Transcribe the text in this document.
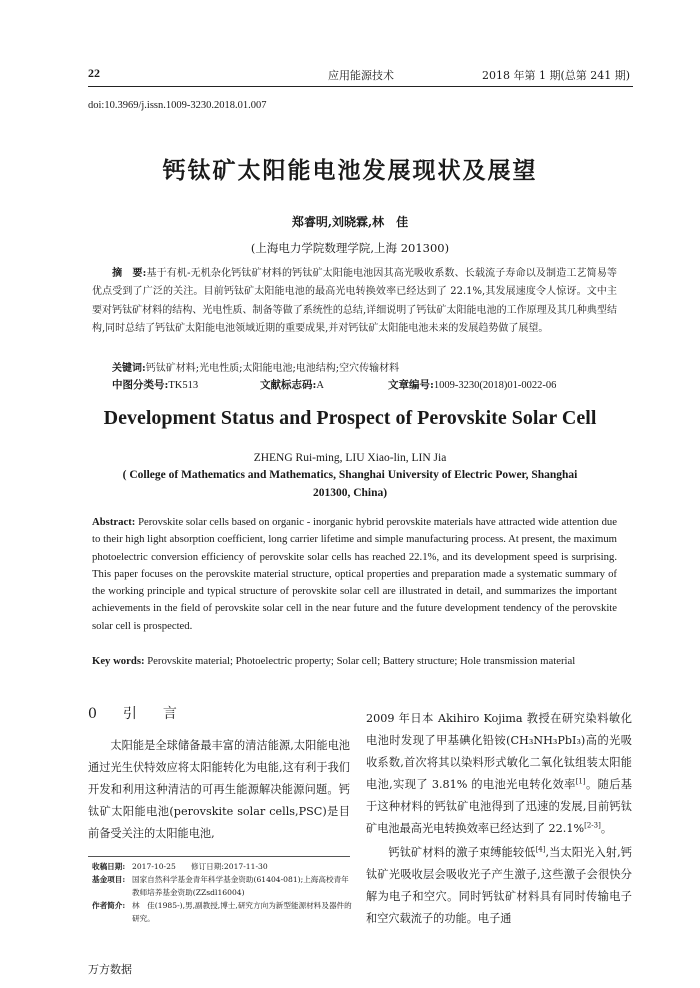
22	应用能源技术	2018 年第 1 期(总第 241 期)
doi:10.3969/j.issn.1009-3230.2018.01.007
钙钛矿太阳能电池发展现状及展望
郑睿明,刘晓霖,林　佳
(上海电力学院数理学院,上海 201300)
摘　要:基于有机-无机杂化钙钛矿材料的钙钛矿太阳能电池因其高光吸收系数、长载流子寿命以及制造工艺简易等优点受到了广泛的关注。目前钙钛矿太阳能电池的最高光电转换效率已经达到了 22.1%,其发展速度令人惊讶。文中主要对钙钛矿材料的结构、光电性质、制备等做了系统性的总结,详细说明了钙钛矿太阳能电池的工作原理及其几种典型结构,同时总结了钙钛矿太阳能电池领域近期的重要成果,并对钙钛矿太阳能电池未来的发展趋势做了展望。
关键词:钙钛矿材料;光电性质;太阳能电池;电池结构;空穴传输材料
中图分类号:TK513	文献标志码:A	文章编号:1009-3230(2018)01-0022-06
Development Status and Prospect of Perovskite Solar Cell
ZHENG Rui-ming, LIU Xiao-lin, LIN Jia
( College of Mathematics and Mathematics, Shanghai University of Electric Power, Shanghai 201300, China)
Abstract: Perovskite solar cells based on organic - inorganic hybrid perovskite materials have attracted wide attention due to their high light absorption coefficient, long carrier lifetime and simple manufacturing process. At present, the maximum photoelectric conversion efficiency of perovskite solar cells has reached 22.1%, and its development speed is surprising. This paper focuses on the perovskite material structure, optical properties and preparation made a systematic summary of the working principle and typical structure of perovskite solar cell are illustrated in detail, and summarizes the important achievements in the field of perovskite solar cell in the near future and the future development tendency of the perovskite solar cell is prospected.
Key words: Perovskite material; Photoelectric property; Solar cell; Battery structure; Hole transmission material
0　引　言

太阳能是全球储备最丰富的清洁能源,太阳能电池通过光生伏特效应将太阳能转化为电能,这有利于我们开发和利用这种清洁的可再生能源解决能源问题。钙钛矿太阳能电池(perovskite solar cells,PSC)是目前备受关注的太阳能电池,

2009 年日本 Akihiro Kojima 教授在研究染料敏化电池时发现了甲基碘化铅铵(CH₃NH₃PbI₃)高的光吸收系数,首次将其以染料形式敏化二氧化钛组装太阳能电池,实现了 3.81% 的电池光电转化效率[1]。随后基于这种材料的钙钛矿电池得到了迅速的发展,目前钙钛矿电池最高光电转换效率已经达到了 22.1%[2-3]。

钙钛矿材料的激子束缚能较低[4],当太阳光入射,钙钛矿光吸收层会吸收光子产生激子,这些激子会很快分解为电子和空穴。同时钙钛矿材料具有同时传输电子和空穴载流子的功能。电子通

收稿日期: 2017-10-25　　修订日期:2017-11-30
基金项目: 国家自然科学基金青年科学基金资助(61404-081);上海高校青年教师培养基金资助(ZZsdl16004)
作者简介: 林　佳(1985-),男,副教授,博士,研究方向为新型能源材料及器件的研究。
万方数据
